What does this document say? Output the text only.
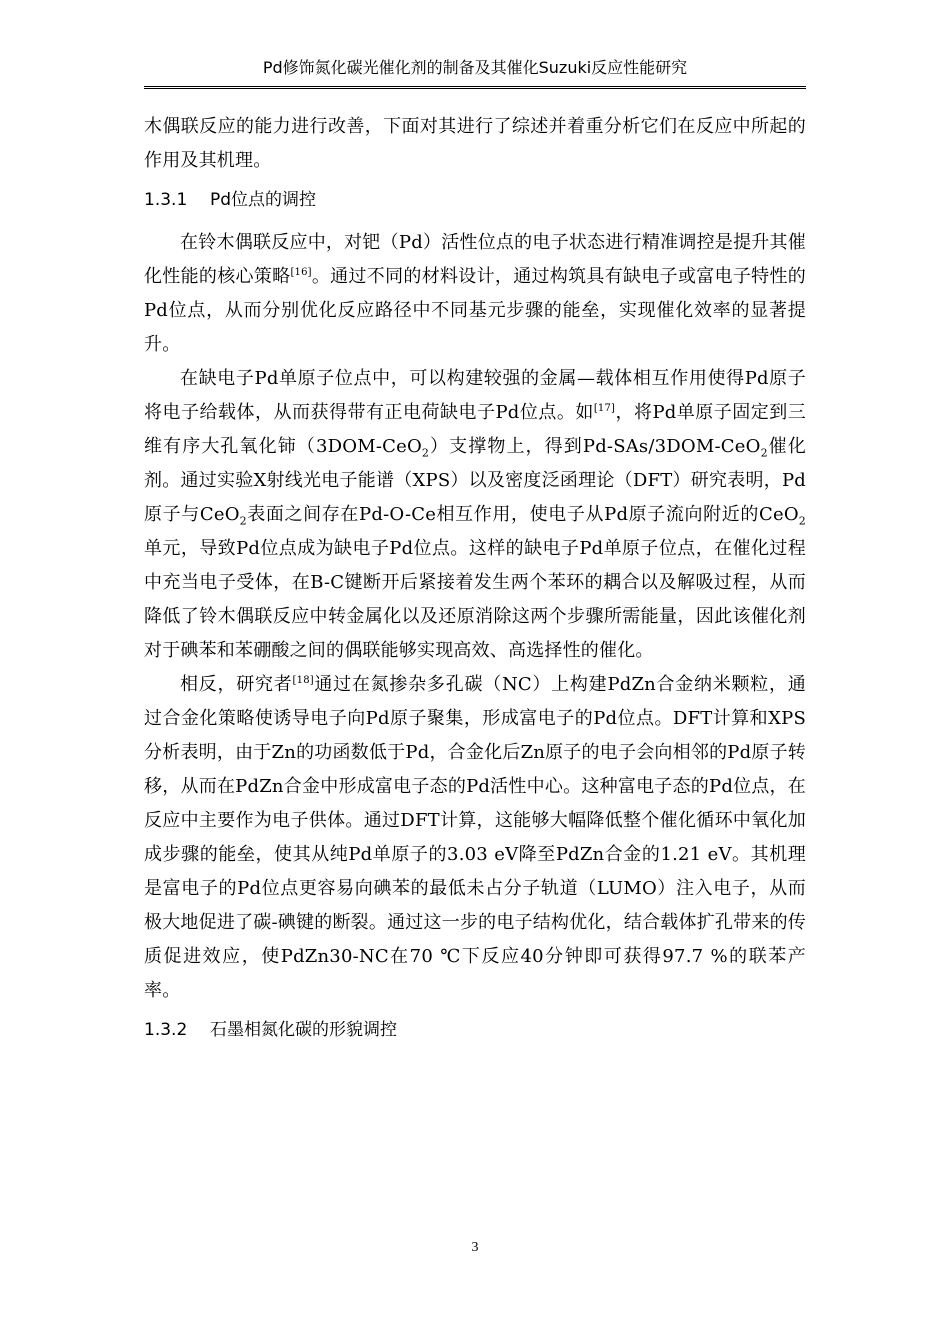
Pd修饰氮化碳光催化剂的制备及其催化Suzuki反应性能研究

木偶联反应的能力进行改善，下面对其进行了综述并着重分析它们在反应中所起的作用及其机理。

1.3.1 Pd位点的调控

在铃木偶联反应中，对钯（Pd）活性位点的电子状态进行精准调控是提升其催化性能的核心策略[16]。通过不同的材料设计，通过构筑具有缺电子或富电子特性的Pd位点，从而分别优化反应路径中不同基元步骤的能垒，实现催化效率的显著提升。

在缺电子Pd单原子位点中，可以构建较强的金属—载体相互作用使得Pd原子将电子给载体，从而获得带有正电荷缺电子Pd位点。如[17]，将Pd单原子固定到三维有序大孔氧化铈（3DOM-CeO$_2$）支撑物上，得到Pd-SAs/3DOM-CeO$_2$催化剂。通过实验X射线光电子能谱（XPS）以及密度泛函理论（DFT）研究表明，Pd原子与CeO$_2$表面之间存在Pd-O-Ce相互作用，使电子从Pd原子流向附近的CeO$_2$单元，导致Pd位点成为缺电子Pd位点。这样的缺电子Pd单原子位点，在催化过程中充当电子受体，在B-C键断开后紧接着发生两个苯环的耦合以及解吸过程，从而降低了铃木偶联反应中转金属化以及还原消除这两个步骤所需能量，因此该催化剂对于碘苯和苯硼酸之间的偶联能够实现高效、高选择性的催化。

相反，研究者[18]通过在氮掺杂多孔碳（NC）上构建PdZn合金纳米颗粒，通过合金化策略使诱导电子向Pd原子聚集，形成富电子的Pd位点。DFT计算和XPS分析表明，由于Zn的功函数低于Pd，合金化后Zn原子的电子会向相邻的Pd原子转移，从而在PdZn合金中形成富电子态的Pd活性中心。这种富电子态的Pd位点，在反应中主要作为电子供体。通过DFT计算，这能够大幅降低整个催化循环中氧化加成步骤的能垒，使其从纯Pd单原子的3.03 eV降至PdZn合金的1.21 eV。其机理是富电子的Pd位点更容易向碘苯的最低未占分子轨道（LUMO）注入电子，从而极大地促进了碳-碘键的断裂。通过这一步的电子结构优化，结合载体扩孔带来的传质促进效应，使PdZn30-NC在70 ℃下反应40分钟即可获得97.7 %的联苯产率。

1.3.2 石墨相氮化碳的形貌调控
3
